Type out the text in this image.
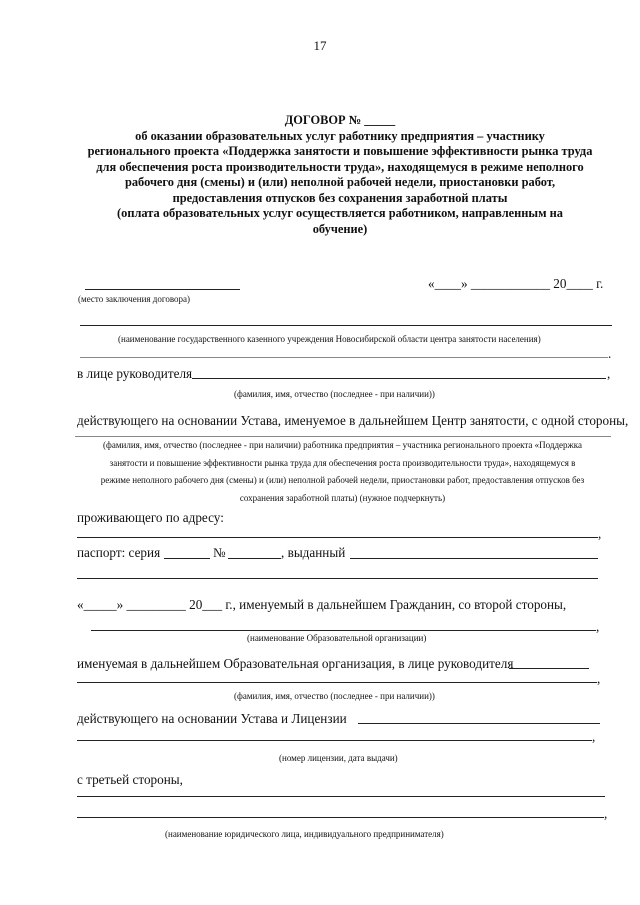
17
ДОГОВОР № _____
об оказании образовательных услуг работнику предприятия – участнику
регионального проекта «Поддержка занятости и повышение эффективности рынка труда
для обеспечения роста производительности труда», находящемуся в режиме неполного
рабочего дня (смены) и (или) неполной рабочей недели, приостановки работ,
предоставления отпусков без сохранения заработной платы
(оплата образовательных услуг осуществляется работником, направленным на
обучение)
(место заключения договора)
«____» ____________ 20____ г.
(наименование государственного казенного учреждения Новосибирской области центра занятости населения)
.
в лице руководителя	,
(фамилия, имя, отчество (последнее - при наличии))
действующего на основании Устава, именуемое в дальнейшем Центр занятости, с одной стороны,
(фамилия, имя, отчество (последнее - при наличии) работника предприятия – участника регионального проекта «Поддержка
занятости и повышение эффективности рынка труда для обеспечения роста производительности труда», находящемуся в
режиме неполного рабочего дня (смены) и (или) неполной рабочей недели, приостановки работ, предоставления отпусков без
сохранения заработной платы) (нужное подчеркнуть)
проживающего по адресу:
,
паспорт: серия	№	, выданный
«_____» _________ 20___ г., именуемый в дальнейшем Гражданин, со второй стороны,
,
(наименование Образовательной организации)
именуемая в дальнейшем Образовательная организация, в лице руководителя
,
(фамилия, имя, отчество (последнее - при наличии))
действующего на основании Устава и Лицензии
,
(номер лицензии, дата выдачи)
с третьей стороны,
,
(наименование юридического лица, индивидуального предпринимателя)
